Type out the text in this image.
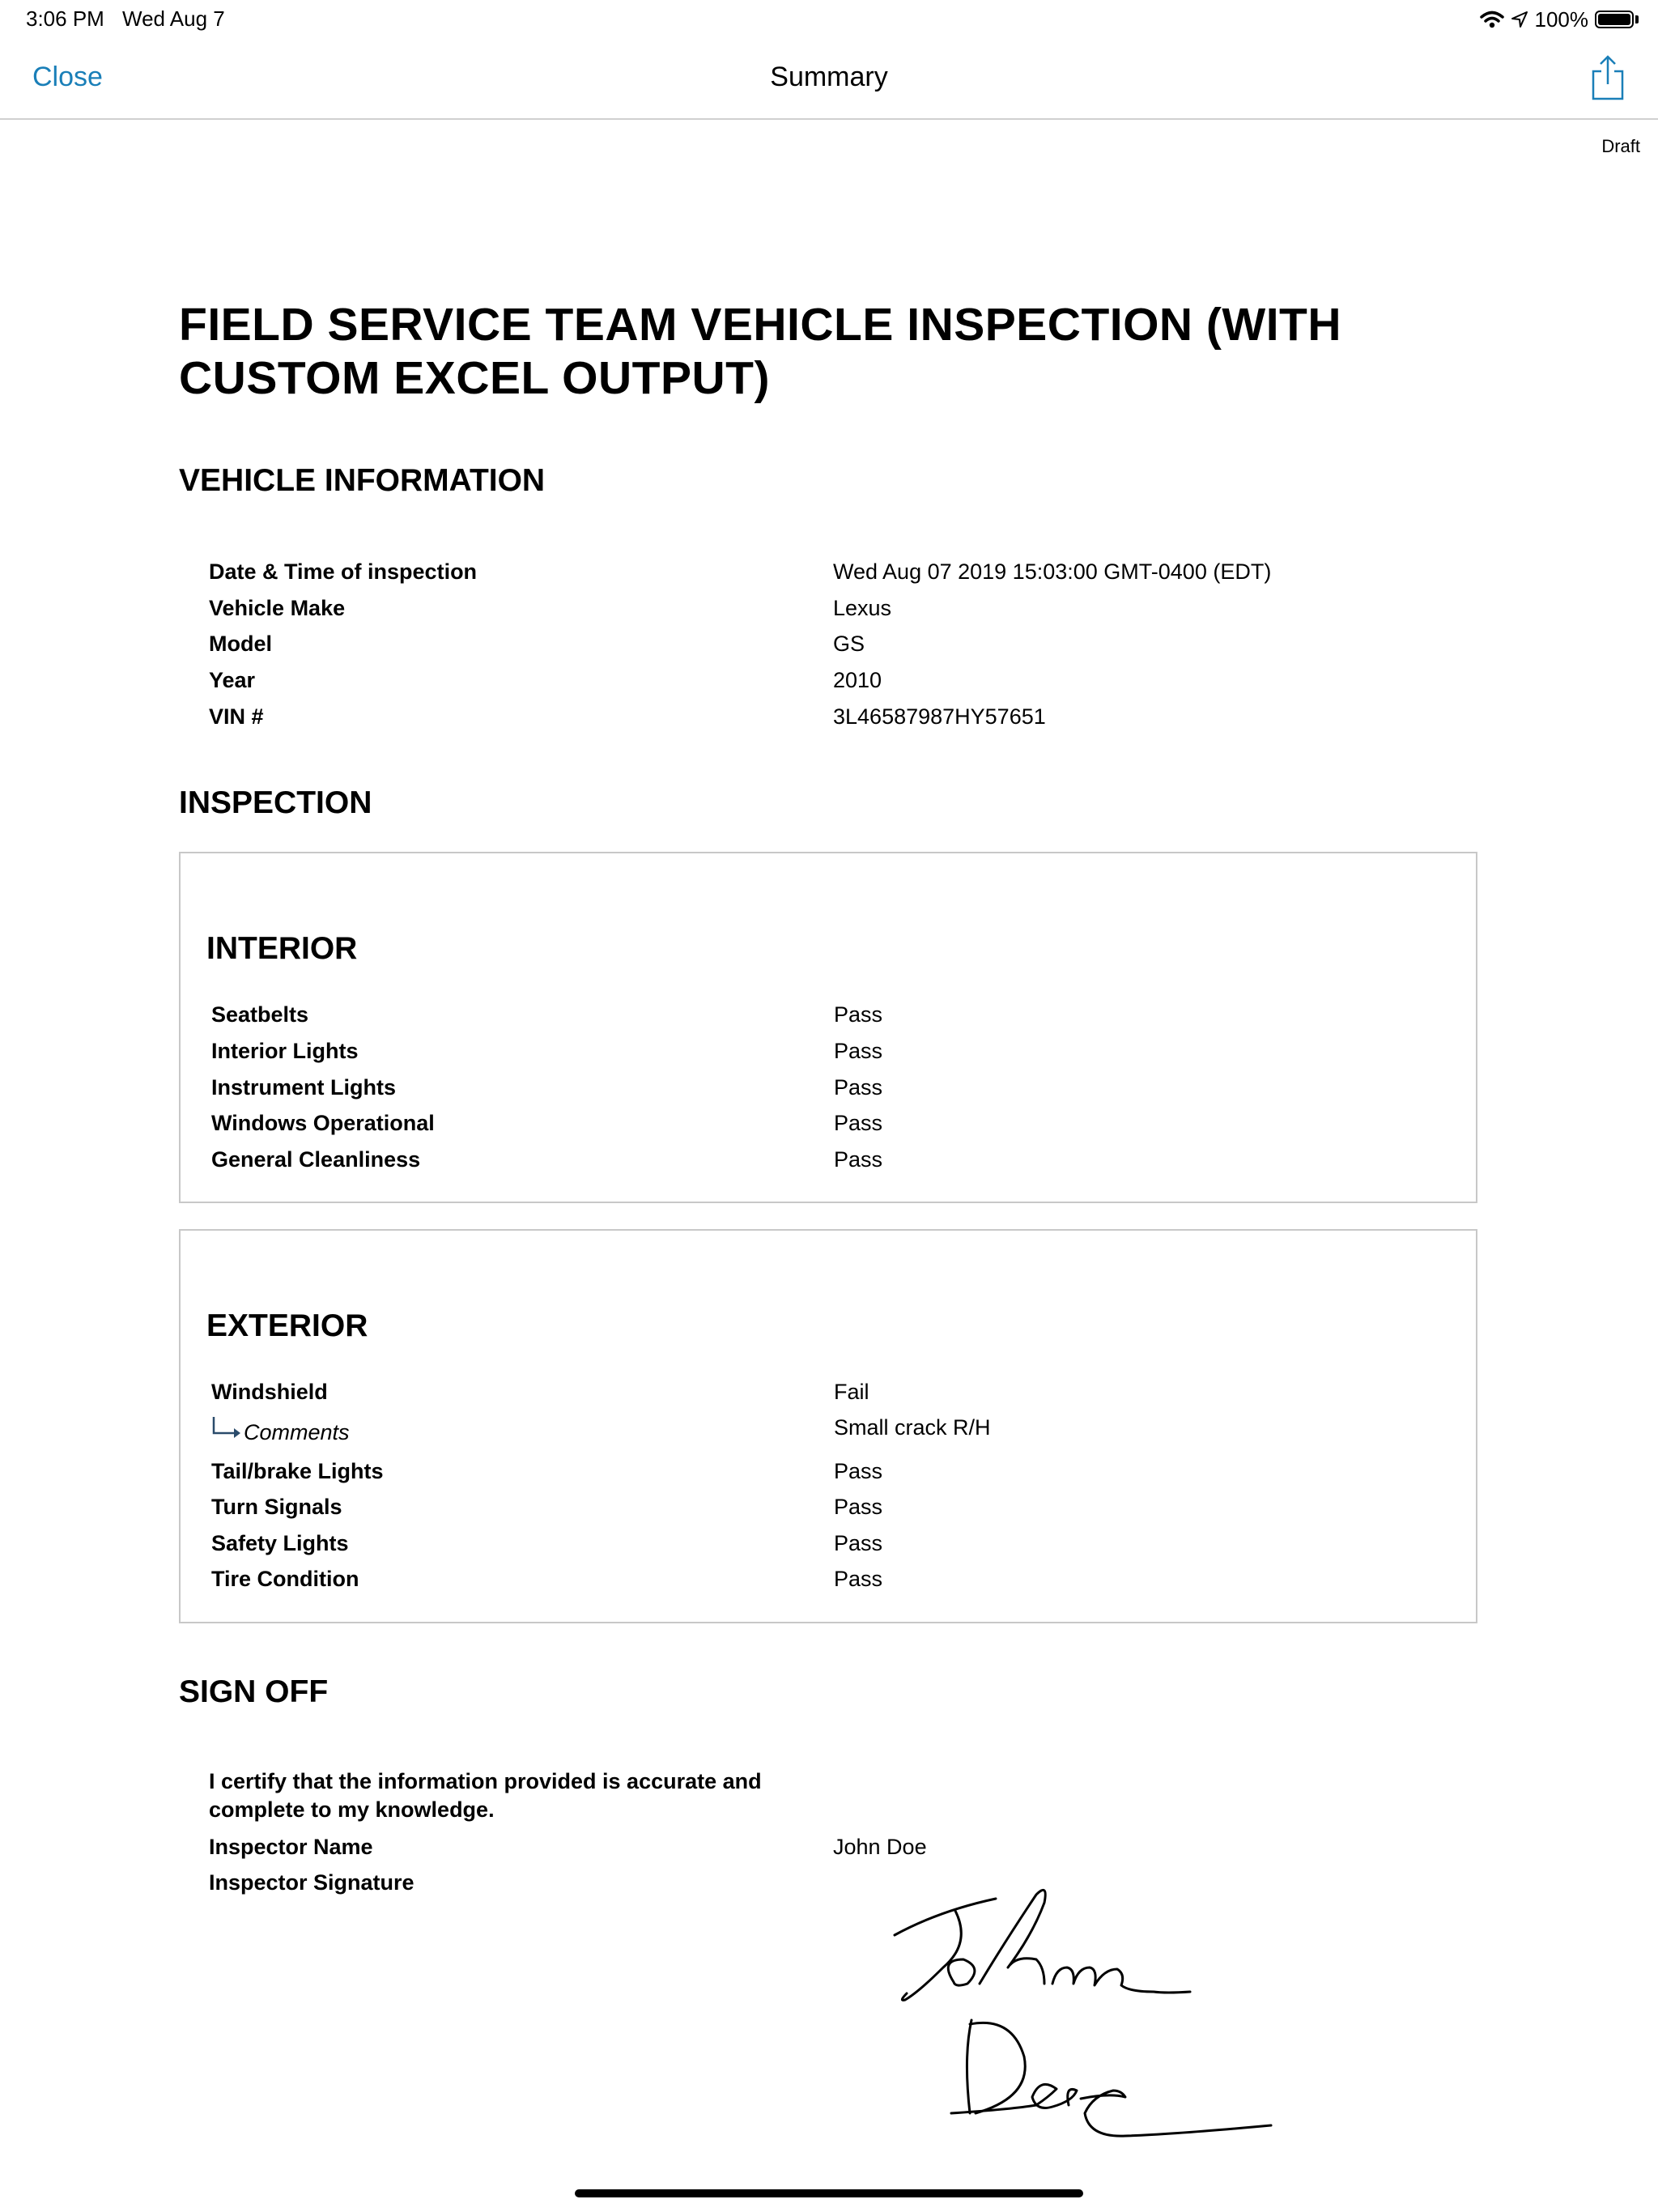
3:06 PM Wed Aug 7	100%
Close	Summary
Draft
FIELD SERVICE TEAM VEHICLE INSPECTION (WITH CUSTOM EXCEL OUTPUT)
VEHICLE INFORMATION
Date & Time of inspection	Wed Aug 07 2019 15:03:00 GMT-0400 (EDT)
Vehicle Make	Lexus
Model	GS
Year	2010
VIN #	3L46587987HY57651
INSPECTION
INTERIOR
Seatbelts	Pass
Interior Lights	Pass
Instrument Lights	Pass
Windows Operational	Pass
General Cleanliness	Pass
EXTERIOR
Windshield	Fail
Comments	Small crack R/H
Tail/brake Lights	Pass
Turn Signals	Pass
Safety Lights	Pass
Tire Condition	Pass
SIGN OFF
I certify that the information provided is accurate and complete to my knowledge.
Inspector Name	John Doe
Inspector Signature
